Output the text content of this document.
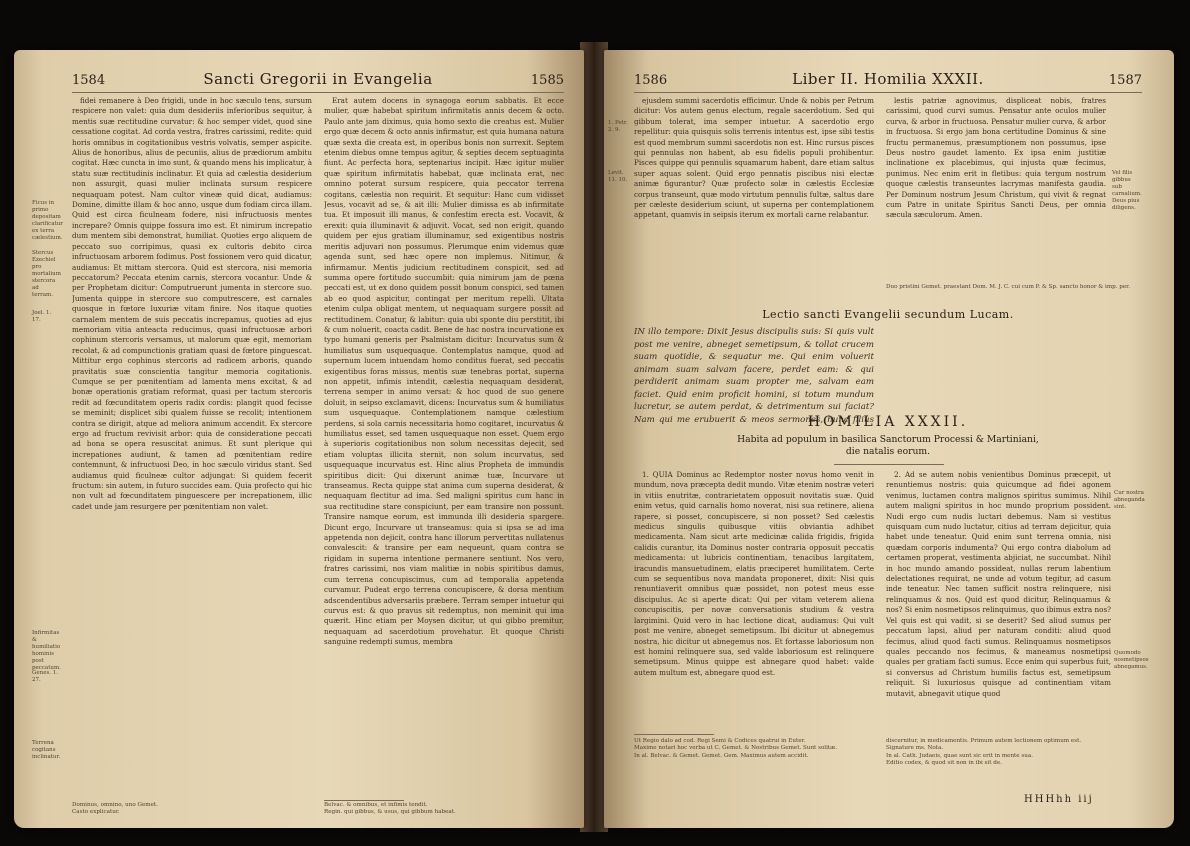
1584	Sancti Gregorii in Evangelia	1585

fidei remanere à Deo frigidi, unde in hoc sæculo tens, sursum respicere non valet: quia dum desideriis inferioribus sequitur, à mentis suæ rectitudine curvatur: & hoc semper videt, quod sine cessatione cogitat. Ad corda vestra, fratres carissimi, redite: quid horis omnibus in cogitationibus vestris volvatis, semper aspicite. Alius de honoribus, alius de pecuniis, alius de prædiorum ambitu cogitat. Hæc cuncta in imo sunt, & quando mens his implicatur, à statu suæ rectitudinis inclinatur. Et quia ad cælestia desiderium non assurgit, quasi mulier inclinata sursum respicere nequaquam potest. Nam cultor vineæ quid dicat, audiamus: Domine, dimitte illam & hoc anno, usque dum fodiam circa illam. Quid est circa ficulneam fodere, nisi infructuosis mentes increpare? Omnis quippe fossura imo est. Et nimirum increpatio dum mentem sibi demonstrat, humiliat. Quoties ergo aliquem de peccato suo corripimus, quasi ex cultoris debito circa infructuosam arborem fodimus. Post fossionem vero quid dicatur, audiamus: Et mittam stercora. Quid est stercora, nisi memoria peccatorum? Peccata etenim carnis, stercora vocantur. Unde & per Prophetam dicitur: Computruerunt jumenta in stercore suo. Jumenta quippe in stercore suo computrescere, est carnales quosque in fœtore luxuriæ vitam finire. Nos itaque quoties carnalem mentem de suis peccatis increpamus, quoties ad ejus memoriam vitia anteacta reducimus, quasi infructuosæ arbori cophinum stercoris versamus, ut malorum quæ egit, memoriam recolat, & ad compunctionis gratiam quasi de fœtore pinguescat. Mittitur ergo cophinus stercoris ad radicem arboris, quando pravitatis suæ conscientia tangitur memoria cogitationis. Cumque se per pœnitentiam ad lamenta mens excitat, & ad bonæ operationis gratiam reformat, quasi per tactum stercoris redit ad fœcunditatem operis radix cordis: plangit quod fecisse se meminit; displicet sibi qualem fuisse se recolit; intentionem contra se dirigit, atque ad meliora animum accendit. Ex stercore ergo ad fructum revivisit arbor: quia de consideratione peccati ad bona se opera resuscitat animus. Et sunt plerique qui increpationes audiunt, & tamen ad pœnitentiam redire contemnunt, & infructuosi Deo, in hoc sæculo viridus stant. Sed audiamus quid ficulneæ cultor adjungat: Si quidem fecerit fructum: sin autem, in futuro succides eam. Quia profecto qui hic non vult ad fœcunditatem pinguescere per increpationem, illic cadet unde jam resurgere per pœnitentiam non valet.

Erat autem docens in synagoga eorum sabbatis. Et ecce mulier, quæ habebat spiritum infirmitatis annis decem & octo. Paulo ante jam diximus, quia homo sexto die creatus est. Mulier ergo quæ decem & octo annis infirmatur, est quia humana natura quæ sexta die creata est, in operibus bonis non surrexit. Septem etenim diebus omne tempus agitur, & septies decem septuaginta fiunt. Ac perfecta hora, septenarius incipit. Hæc igitur mulier quæ spiritum infirmitatis habebat, quæ inclinata erat, nec omnino poterat sursum respicere, quia peccator terrena cogitans, cælestia non requirit. Et sequitur: Hanc cum vidisset Jesus, vocavit ad se, & ait illi: Mulier dimissa es ab infirmitate tua. Et imposuit illi manus, & confestim erecta est. Vocavit, & erexit: quia illuminavit & adjuvit. Vocat, sed non erigit, quando quidem per ejus gratiam illuminamur, sed exigentibus nostris meritis adjuvari non possumus. Plerumque enim videmus quæ agenda sunt, sed hæc opere non implemus. Nitimur, & infirmamur. Mentis judicium rectitudinem conspicit, sed ad summa opere fortitudo succumbit: quia nimirum jam de pœna peccati est, ut ex dono quidem possit bonum conspici, sed tamen ab eo quod aspicitur, contingat per meritum repelli. Ultata etenim culpa obligat mentem, ut nequaquam surgere possit ad rectitudinem. Conatur, & labitur: quia ubi sponte diu perstitit, ibi & cum noluerit, coacta cadit. Bene de hac nostra incurvatione ex typo humani generis per Psalmistam dicitur: Incurvatus sum & humiliatus sum usquequaque. Contemplatus namque, quod ad supernum lucem intuendam homo conditus fuerat, sed peccatis exigentibus foras missus, mentis suæ tenebras portat, superna non appetit, infimis intendit, cælestia nequaquam desiderat, terrena semper in animo versat: & hoc quod de suo genere doluit, in seipso exclamavit, dicens: Incurvatus sum & humiliatus sum usquequaque. Contemplationem namque cælestium perdens, si sola carnis necessitaria homo cogitaret, incurvatus & humiliatus esset, sed tamen usquequaque non esset. Quem ergo à superioris cogitationibus non solum necessitas dejecit, sed etiam voluptas illicita sternit, non solum incurvatus, sed usquequaque incurvatus est. Hinc alius Propheta de immundis spiritibus dicit: Qui dixerunt animæ tuæ, Incurvare ut transeamus. Recta quippe stat anima cum superna desiderat, & nequaquam flectitur ad ima. Sed maligni spiritus cum hanc in sua rectitudine stare conspiciunt, per eam transire non possunt. Transire namque eorum, est immunda illi desideria spargere. Dicunt ergo, Incurvare ut transeamus: quia si ipsa se ad ima appetenda non dejicit, contra hanc illorum pervertitas nullatenus convalescit: & transire per eam nequeunt, quam contra se rigidam in superna intentione permanere sentiunt. Nos vero, fratres carissimi, nos viam malitiæ in nobis spiritibus damus, cum terrena concupiscimus, cum ad temporalia appetenda curvamur. Pudeat ergo terrena concupiscere, & dorsa mentium adscendentibus adversariis præbere. Terram semper intuetur qui curvus est: & quo pravus sit redemptus, non meminit qui ima quærit. Hinc etiam per Moysen dicitur, ut qui gibbo premitur, nequaquam ad sacerdotium provehatur. Et quoque Christi sanguine redempti sumus, membra

Ficus in primo depositam clarificatur ex terra cælestium.
Stercus Ezechiel pro mortalium stercora ad terram.
Joel. 1. 17.
Infirmitas & humiliatio hominis post peccatum.
Genes. 1. 27.
Terrena cogitans inclinatur.
Dominus, omnino, uno Gemet.
Casto explicatur.
Belvac. & omnibus, et infimis tendit.
Regin. qui gibbus, & usus, qui gibbum habeat.
1586	Liber II. Homilia XXXII.	1587

ejusdem summi sacerdotis efficimur. Unde & nobis per Petrum dicitur: Vos autem genus electum, regale sacerdotium. Sed qui gibbum tolerat, ima semper intuetur. A sacerdotio ergo repellitur: quia quisquis solis terrenis intentus est, ipse sibi testis est quod membrum summi sacerdotis non est. Hinc rursus pisces qui pennulas non habent, ab esu fidelis populi prohibentur. Pisces quippe qui pennulis squamarum habent, dare etiam saltus super aquas solent. Quid ergo pennatis piscibus nisi electæ animæ figurantur? Quæ profecto solæ in cælestis Ecclesiæ corpus transeunt, quæ modo virtutum pennulis fultæ, saltus dare per cæleste desiderium sciunt, ut superna per contemplationem appetant, quamvis in seipsis iterum ex mortali carne relabantur.

lestis patriæ agnovimus, displiceat nobis, fratres carissimi, quod curvi sumus. Pensatur ante oculos mulier curva, & arbor in fructuosa. Pensatur mulier curva, & arbor in fructuosa. Si ergo jam bona certitudine Dominus & sine fructu permanemus, præsumptionem non possumus, ipse Deus nostro gaudet lamento. Ex ipsa enim justitiæ inclinatione ex placebimus, qui injusta quæ fecimus, punimus. Nec enim erit in fletibus: quia tergum nostrum quoque cælestis transeuntes lacrymas manifesta gaudia. Per Dominum nostrum Jesum Christum, qui vivit & regnat cum Patre in unitate Spiritus Sancti Deus, per omnia sæcula sæculorum. Amen.

Vel filis gibbus sub carnalium. Deus pius diligens.
Duo pristini Gemet. praestant Dom. M. J. C. cui cum P. & Sp. sancto honor & imp. per.
Lectio sancti Evangelii secundum Lucam.
IN illo tempore: Dixit Jesus discipulis suis: Si quis vult post me venire, abneget semetipsum, & tollat crucem suam quotidie, & sequatur me. Qui enim voluerit animam suam salvam facere, perdet eam: & qui perdiderit animam suam propter me, salvam eam faciet. Quid enim proficit homini, si totum mundum lucretur, se autem perdat, & detrimentum sui faciat? Nam qui me erubuerit & meos sermones, hunc filius
HOMILIA XXXII.
Habita ad populum in basilica Sanctorum Processi & Martiniani, die natalis eorum.

1. QUIA Dominus ac Redemptor noster novus homo venit in mundum, nova præcepta dedit mundo. Vitæ etenim nostræ veteri in vitiis enutritæ, contrarietatem opposuit novitatis suæ. Quid enim vetus, quid carnalis homo noverat, nisi sua retinere, aliena rapere, si posset, concupiscere, si non posset? Sed cælestis medicus singulis quibusque vitiis obviantia adhibet medicamenta. Nam sicut arte medicinæ calida frigidis, frigida calidis curantur, ita Dominus noster contraria opposuit peccatis medicamenta: ut lubricis continentiam, tenacibus largitatem, iracundis mansuetudinem, elatis præciperet humilitatem. Certe cum se sequentibus nova mandata proponeret, dixit: Nisi quis renuntiaverit omnibus quæ possidet, non potest meus esse discipulus. Ac si aperte dicat: Qui per vitam veterem aliena concupiscitis, per novæ conversationis studium & vestra largimini. Quid vero in hac lectione dicat, audiamus: Qui vult post me venire, abneget semetipsum. Ibi dicitur ut abnegemus nostra, hic dicitur ut abnegemus nos. Et fortasse laboriosum non est homini relinquere sua, sed valde laboriosum est relinquere semetipsum. Minus quippe est abnegare quod habet: valde autem multum est, abnegare quod est.

2. Ad se autem nobis venientibus Dominus præcepit, ut renuntiemus nostris: quia quicumque ad fidei agonem venimus, luctamen contra malignos spiritus sumimus. Nihil autem maligni spiritus in hoc mundo proprium possident. Nudi ergo cum nudis luctari debemus. Nam si vestitus quisquam cum nudo luctatur, citius ad terram dejicitur, quia habet unde teneatur. Quid enim sunt terrena omnia, nisi quædam corporis indumenta? Qui ergo contra diabolum ad certamen properat, vestimenta abjiciat, ne succumbat. Nihil in hoc mundo amando possideat, nullas rerum labentium delectationes requirat, ne unde ad votum tegitur, ad casum inde teneatur. Nec tamen sufficit nostra relinquere, nisi relinquamus & nos. Quid est quod dicitur, Relinquamus & nos? Si enim nosmetipsos relinquimus, quo ibimus extra nos? Vel quis est qui vadit, si se deserit? Sed aliud sumus per peccatum lapsi, aliud per naturam conditi: aliud quod fecimus, aliud quod facti sumus. Relinquamus nosmetipsos quales peccando nos fecimus, & maneamus nosmetipsi quales per gratiam facti sumus. Ecce enim qui superbus fuit, si conversus ad Christum humilis factus est, semetipsum reliquit. Si luxuriosus quisque ad continentiam vitam mutavit, abnegavit utique quod

1. Petr. 2. 9.
Levit. 11. 10.
Cur nostra abneganda sint.
Quomodo nosmetipsos abnegamus.
Ut Regio dalo ad cod. Regi Semi & Codices quatrui in Euter.
Maxime notari hoc verba ut C. Gemet. & Nostribus Gemet. Sunt solitæ.
In al. Belvac. & Gemet. Gemet. Gem. Maximus autem accidit.
discernitur, in medicamentis. Primum autem lectionem optimum est.
Signature ms. Nota.
In al. Cath. Judaeis, quae sunt sic erit in mente sua.
Editio codex, & quod sit non in ibi sit de.
HHHhh iij
